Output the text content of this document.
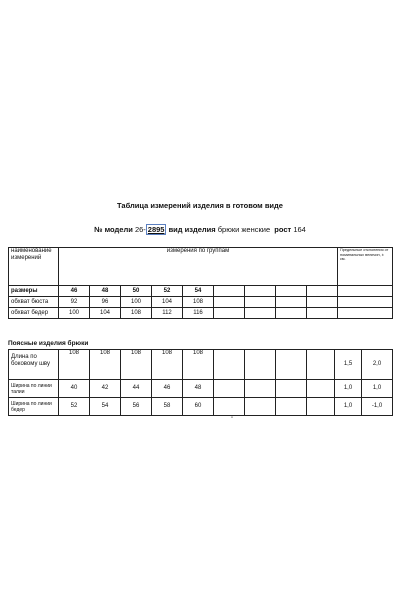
Таблица измерений изделия в готовом виде
№ модели 26- 2895 вид изделия брюки женские рост 164
наименование измерений	измерения по группам									Предельные отклонения от номинальных величин, ± см.
размеры	46	48	50	52	54					
обхват бюста	92	96	100	104	108					
обхват бедер	100	104	108	112	116					
Поясные изделия брюки
Длина по боковому шву	108	108	108	108	108					1,5	2,0
Ширина по линии талии	40	42	44	46	48					1,0	1,0
Ширина по линии бедер	52	54	56	58	60					1,0	-1,0
''
